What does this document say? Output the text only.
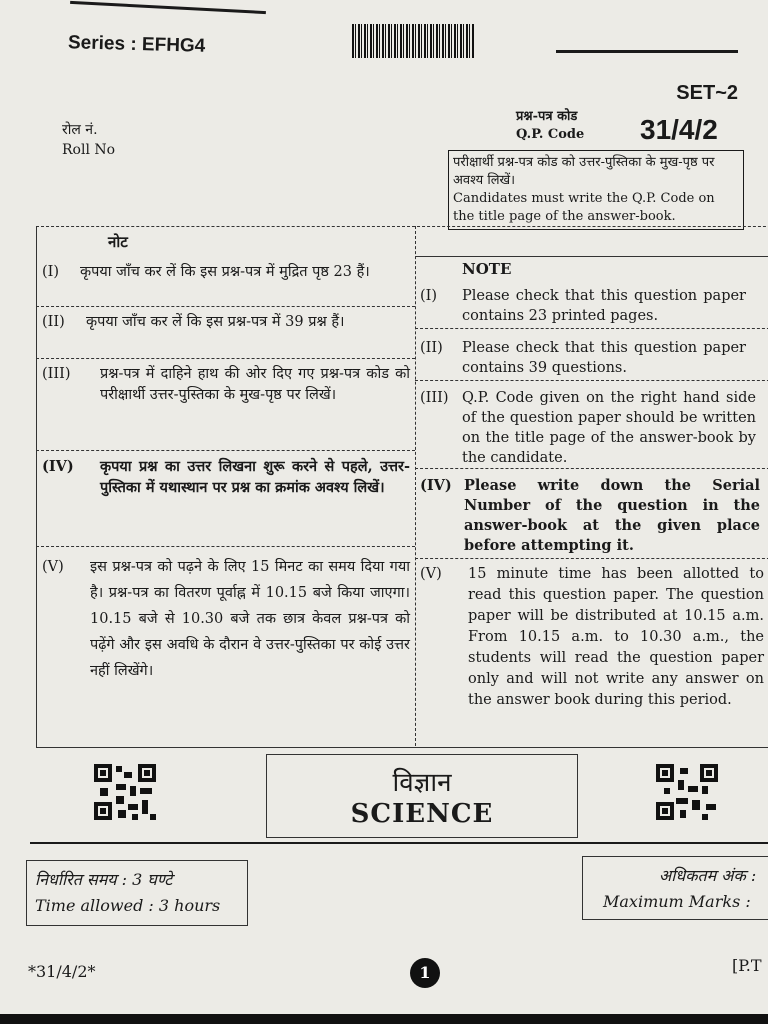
Series : EFHG4
SET~2
रोल नं.
Roll No
प्रश्न-पत्र कोड
Q.P. Code 31/4/2
परीक्षार्थी प्रश्न-पत्र कोड को उत्तर-पुस्तिका के मुख-पृष्ठ पर अवश्य लिखें।
Candidates must write the Q.P. Code on the title page of the answer-book.
नोट
NOTE
(I) कृपया जाँच कर लें कि इस प्रश्न-पत्र में मुद्रित पृष्ठ 23 हैं।
(II) कृपया जाँच कर लें कि इस प्रश्न-पत्र में 39 प्रश्न हैं।
(III) प्रश्न-पत्र में दाहिने हाथ की ओर दिए गए प्रश्न-पत्र कोड को परीक्षार्थी उत्तर-पुस्तिका के मुख-पृष्ठ पर लिखें।
(IV) कृपया प्रश्न का उत्तर लिखना शुरू करने से पहले, उत्तर-पुस्तिका में यथास्थान पर प्रश्न का क्रमांक अवश्य लिखें।
(V) इस प्रश्न-पत्र को पढ़ने के लिए 15 मिनट का समय दिया गया है। प्रश्न-पत्र का वितरण पूर्वाह्न में 10.15 बजे किया जाएगा। 10.15 बजे से 10.30 बजे तक छात्र केवल प्रश्न-पत्र को पढ़ेंगे और इस अवधि के दौरान वे उत्तर-पुस्तिका पर कोई उत्तर नहीं लिखेंगे।
(I) Please check that this question paper contains 23 printed pages.
(II) Please check that this question paper contains 39 questions.
(III) Q.P. Code given on the right hand side of the question paper should be written on the title page of the answer-book by the candidate.
(IV) Please write down the Serial Number of the question in the answer-book at the given place before attempting it.
(V) 15 minute time has been allotted to read this question paper. The question paper will be distributed at 10.15 a.m. From 10.15 a.m. to 10.30 a.m., the students will read the question paper only and will not write any answer on the answer book during this period.
विज्ञान
SCIENCE
निर्धारित समय : 3 घण्टे
Time allowed : 3 hours
अधिकतम अंक :
Maximum Marks :
*31/4/2*	1	[P.T
